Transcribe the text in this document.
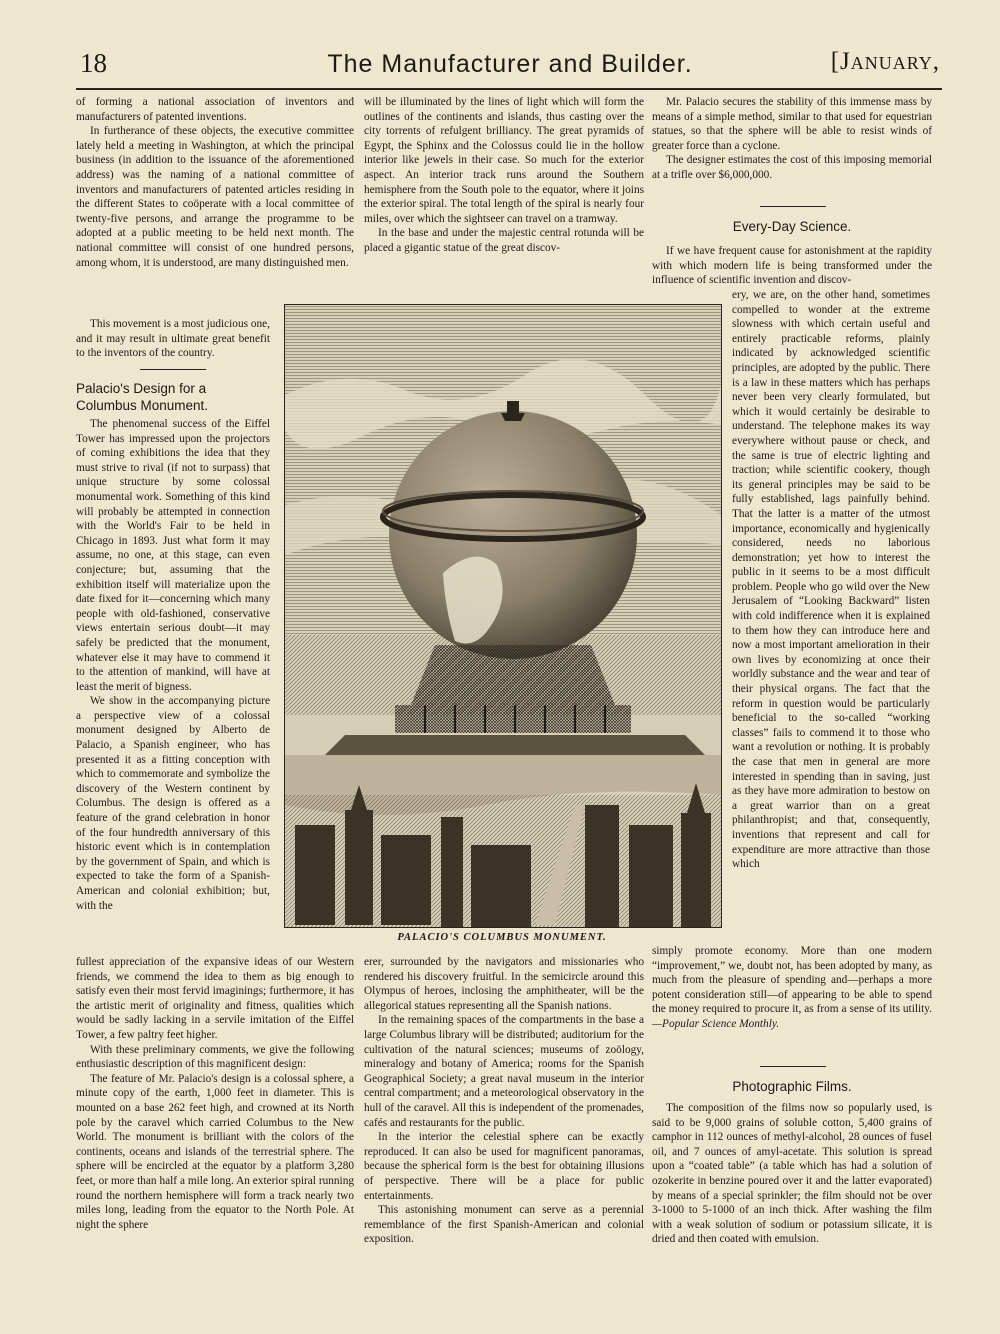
18	The Manufacturer and Builder.	[January,

of forming a national association of inventors and manufacturers of patented inventions.

In furtherance of these objects, the executive committee lately held a meeting in Washington, at which the principal business (in addition to the issuance of the aforementioned address) was the naming of a national committee of inventors and manufacturers of patented articles residing in the different States to coöperate with a local committee of twenty-five persons, and arrange the programme to be adopted at a public meeting to be held next month. The national committee will consist of one hundred persons, among whom, it is understood, are many distinguished men.

This movement is a most judicious one, and it may result in ultimate great benefit to the inventors of the country.

Palacio's Design for a Columbus Monument.

The phenomenal success of the Eiffel Tower has impressed upon the projectors of coming exhibitions the idea that they must strive to rival (if not to surpass) that unique structure by some colossal monumental work. Something of this kind will probably be attempted in connection with the World's Fair to be held in Chicago in 1893. Just what form it may assume, no one, at this stage, can even conjecture; but, assuming that the exhibition itself will materialize upon the date fixed for it—concerning which many people with old-fashioned, conservative views entertain serious doubt—it may safely be predicted that the monument, whatever else it may have to commend it to the attention of mankind, will have at least the merit of bigness.

We show in the accompanying picture a perspective view of a colossal monument designed by Alberto de Palacio, a Spanish engineer, who has presented it as a fitting conception with which to commemorate and symbolize the discovery of the Western continent by Columbus. The design is offered as a feature of the grand celebration in honor of the four hundredth anniversary of this historic event which is in contemplation by the government of Spain, and which is expected to take the form of a Spanish-American and colonial exhibition; but, with the

fullest appreciation of the expansive ideas of our Western friends, we commend the idea to them as big enough to satisfy even their most fervid imaginings; furthermore, it has the artistic merit of originality and fitness, qualities which would be sadly lacking in a servile imitation of the Eiffel Tower, a few paltry feet higher.

With these preliminary comments, we give the following enthusiastic description of this magnificent design:

The feature of Mr. Palacio's design is a colossal sphere, a minute copy of the earth, 1,000 feet in diameter. This is mounted on a base 262 feet high, and crowned at its North pole by the caravel which carried Columbus to the New World. The monument is brilliant with the colors of the continents, oceans and islands of the terrestrial sphere. The sphere will be encircled at the equator by a platform 3,280 feet, or more than half a mile long. An exterior spiral running round the northern hemisphere will form a track nearly two miles long, leading from the equator to the North Pole. At night the sphere

will be illuminated by the lines of light which will form the outlines of the continents and islands, thus casting over the city torrents of refulgent brilliancy. The great pyramids of Egypt, the Sphinx and the Colossus could lie in the hollow interior like jewels in their case. So much for the exterior aspect. An interior track runs around the Southern hemisphere from the South pole to the equator, where it joins the exterior spiral. The total length of the spiral is nearly four miles, over which the sightseer can travel on a tramway.

In the base and under the majestic central rotunda will be placed a gigantic statue of the great discov-

PALACIO'S COLUMBUS MONUMENT.

erer, surrounded by the navigators and missionaries who rendered his discovery fruitful. In the semicircle around this Olympus of heroes, inclosing the amphitheater, will be the allegorical statues representing all the Spanish nations.

In the remaining spaces of the compartments in the base a large Columbus library will be distributed; auditorium for the cultivation of the natural sciences; museums of zoölogy, mineralogy and botany of America; rooms for the Spanish Geographical Society; a great naval museum in the interior central compartment; and a meteorological observatory in the hull of the caravel. All this is independent of the promenades, cafés and restaurants for the public.

In the interior the celestial sphere can be exactly reproduced. It can also be used for magnificent panoramas, because the spherical form is the best for obtaining illusions of perspective. There will be a place for public entertainments.

This astonishing monument can serve as a perennial rememblance of the first Spanish-American and colonial exposition.

Mr. Palacio secures the stability of this immense mass by means of a simple method, similar to that used for equestrian statues, so that the sphere will be able to resist winds of greater force than a cyclone.

The designer estimates the cost of this imposing memorial at a trifle over $6,000,000.

Every-Day Science.

If we have frequent cause for astonishment at the rapidity with which modern life is being transformed under the influence of scientific invention and discov-

ery, we are, on the other hand, sometimes compelled to wonder at the extreme slowness with which certain useful and entirely practicable reforms, plainly indicated by acknowledged scientific principles, are adopted by the public. There is a law in these matters which has perhaps never been very clearly formulated, but which it would certainly be desirable to understand. The telephone makes its way everywhere without pause or check, and the same is true of electric lighting and traction; while scientific cookery, though its general principles may be said to be fully established, lags painfully behind. That the latter is a matter of the utmost importance, economically and hygienically considered, needs no laborious demonstration; yet how to interest the public in it seems to be a most difficult problem. People who go wild over the New Jerusalem of “Looking Backward” listen with cold indifference when it is explained to them how they can introduce here and now a most important amelioration in their own lives by economizing at once their worldly substance and the wear and tear of their physical organs. The fact that the reform in question would be particularly beneficial to the so-called “working classes” fails to commend it to those who want a revolution or nothing. It is probably the case that men in general are more interested in spending than in saving, just as they have more admiration to bestow on a great warrior than on a great philanthropist; and that, consequently, inventions that represent and call for expenditure are more attractive than those which

simply promote economy. More than one modern “improvement,” we, doubt not, has been adopted by many, as much from the pleasure of spending and—perhaps a more potent consideration still—of appearing to be able to spend the money required to procure it, as from a sense of its utility.—Popular Science Monthly.

Photographic Films.

The composition of the films now so popularly used, is said to be 9,000 grains of soluble cotton, 5,400 grains of camphor in 112 ounces of methyl-alcohol, 28 ounces of fusel oil, and 7 ounces of amyl-acetate. This solution is spread upon a “coated table” (a table which has had a solution of ozokerite in benzine poured over it and the latter evaporated) by means of a special sprinkler; the film should not be over 3-1000 to 5-1000 of an inch thick. After washing the film with a weak solution of sodium or potassium silicate, it is dried and then coated with emulsion.
